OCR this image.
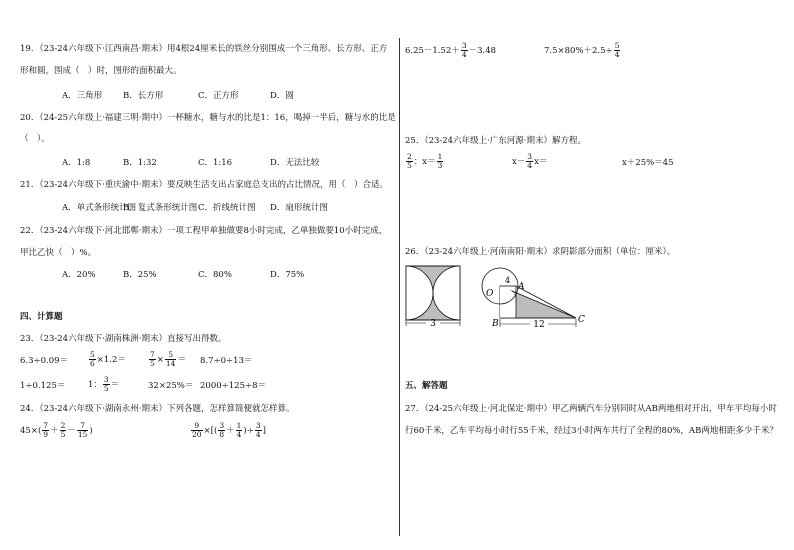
19．（23-24六年级下·江西南昌·期末）用4根24厘米长的铁丝分别围成一个三角形、长方形、正方
形和圆，围成（　）时，图形的面积最大。
A．三角形 B．长方形	C．正方形	D．圆
20．（24-25六年级上·福建三明·期中）一杯糖水，糖与水的比是1：16，喝掉一半后，糖与水的比是
（　）。
A．1:8	B．1:32	C．1:16	D．无法比较
21．（23-24六年级下·重庆渝中·期末）要反映生活支出占家庭总支出的占比情况，用（　）合适。
A．单式条形统计图
B．复式条形统计图 C．折线统计图 D．扇形统计图
22．（23-24六年级下·河北邯郸·期末）一项工程甲单独做要8小时完成，乙单独做要10小时完成，
甲比乙快（　）%。
A．20%	B．25%	C．80%	D．75%
四、计算题
23．（23-24六年级下·湖南株洲·期末）直接写出得数。
6.3÷0.09＝	$\frac{5}{6} \times 1.2=$	$\frac{7}{5} \times \frac{5}{14} = 8.7\div 0\div 13=$
1÷0.125＝	1： $\frac{3}{5}$ ＝	32×25%＝ 2000÷125÷8＝
24．（23-24六年级下·湖南永州·期末）下列各题，怎样算简便就怎样算。
$45\times( \frac{7}{9} + \frac{2}{5} - \frac{7}{15}$ )	$\frac{9}{20}$ ×[( $\frac{3}{8} + \frac{1}{4}$ )÷ $\frac{3}{4}$ ]
$6.25-1.52+ \frac{3}{4} -3.48$	$7.5\times 80\%+2.5\div \frac{5}{4}$
25．（23-24六年级上·广东河源·期末）解方程。
$\frac{2}{5}$ ：$x= \frac{1}{3}$	$x- \frac{3}{4} x=$	x＋25%＝45
26．（23-24六年级上·河南南阳·期末）求阴影部分面积（单位：厘米）。
3
O
A
B	C
4
12
五、解答题
27．（24-25六年级上·河北保定·期中）甲乙两辆汽车分别同时从AB两地相对开出，甲车平均每小时
行60千米，乙车平均每小时行55千米，经过3小时两车共行了全程的80%，AB两地相距多少千米？
